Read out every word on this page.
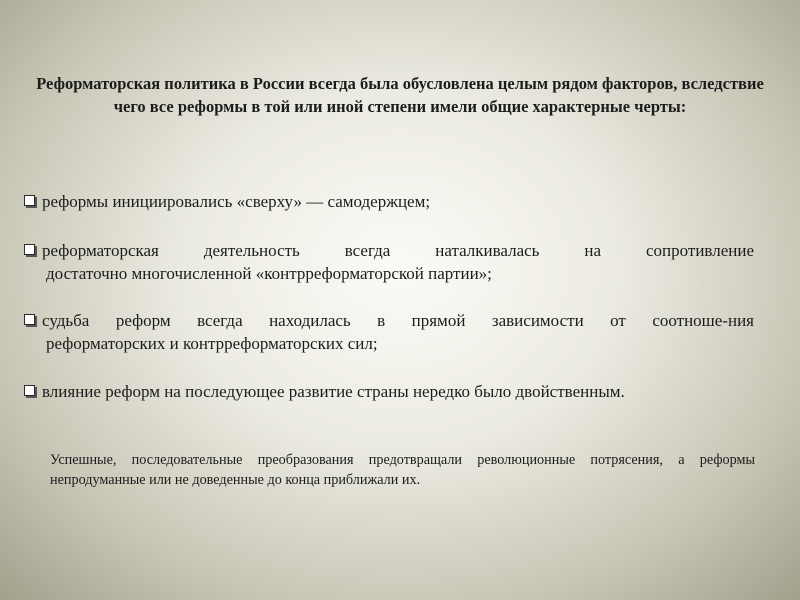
Реформаторская политика в России всегда была обусловлена целым рядом факторов, вследствие чего все реформы в той или иной степени имели общие характерные черты:
реформы инициировались «сверху» — самодержцем;
реформаторская деятельность всегда наталкивалась на сопротивление
достаточно многочисленной «контрреформаторской партии»;
судьба реформ всегда находилась в прямой зависимости от соотноше-ния
реформаторских и контрреформаторских сил;
влияние реформ на последующее развитие страны нередко было двойственным.
Успешные, последовательные преобразования предотвращали революционные потрясения, а реформы непродуманные или не доведенные до конца приближали их.
